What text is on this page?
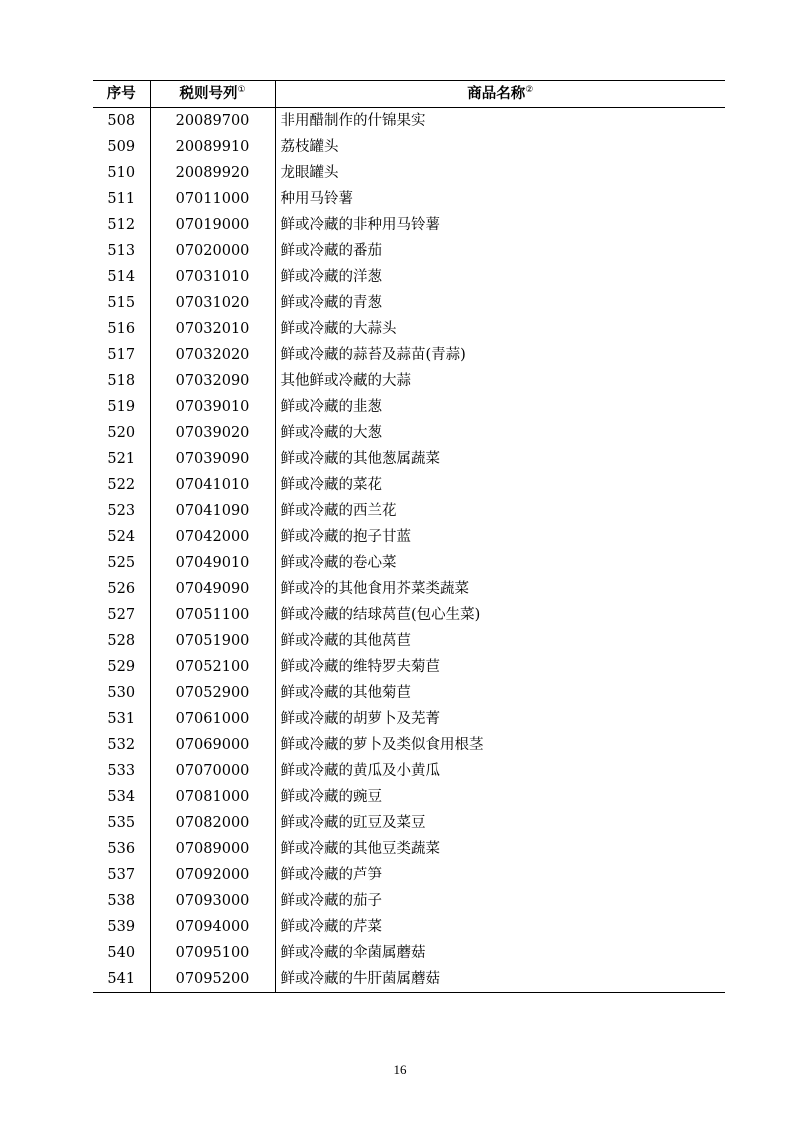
序号	税则号列①	商品名称②
508	20089700	非用醋制作的什锦果实
509	20089910	荔枝罐头
510	20089920	龙眼罐头
511	07011000	种用马铃薯
512	07019000	鲜或冷藏的非种用马铃薯
513	07020000	鲜或冷藏的番茄
514	07031010	鲜或冷藏的洋葱
515	07031020	鲜或冷藏的青葱
516	07032010	鲜或冷藏的大蒜头
517	07032020	鲜或冷藏的蒜苔及蒜苗(青蒜)
518	07032090	其他鲜或冷藏的大蒜
519	07039010	鲜或冷藏的韭葱
520	07039020	鲜或冷藏的大葱
521	07039090	鲜或冷藏的其他葱属蔬菜
522	07041010	鲜或冷藏的菜花
523	07041090	鲜或冷藏的西兰花
524	07042000	鲜或冷藏的抱子甘蓝
525	07049010	鲜或冷藏的卷心菜
526	07049090	鲜或冷的其他食用芥菜类蔬菜
527	07051100	鲜或冷藏的结球莴苣(包心生菜)
528	07051900	鲜或冷藏的其他莴苣
529	07052100	鲜或冷藏的维特罗夫菊苣
530	07052900	鲜或冷藏的其他菊苣
531	07061000	鲜或冷藏的胡萝卜及芜菁
532	07069000	鲜或冷藏的萝卜及类似食用根茎
533	07070000	鲜或冷藏的黄瓜及小黄瓜
534	07081000	鲜或冷藏的豌豆
535	07082000	鲜或冷藏的豇豆及菜豆
536	07089000	鲜或冷藏的其他豆类蔬菜
537	07092000	鲜或冷藏的芦笋
538	07093000	鲜或冷藏的茄子
539	07094000	鲜或冷藏的芹菜
540	07095100	鲜或冷藏的伞菌属蘑菇
541	07095200	鲜或冷藏的牛肝菌属蘑菇
16
